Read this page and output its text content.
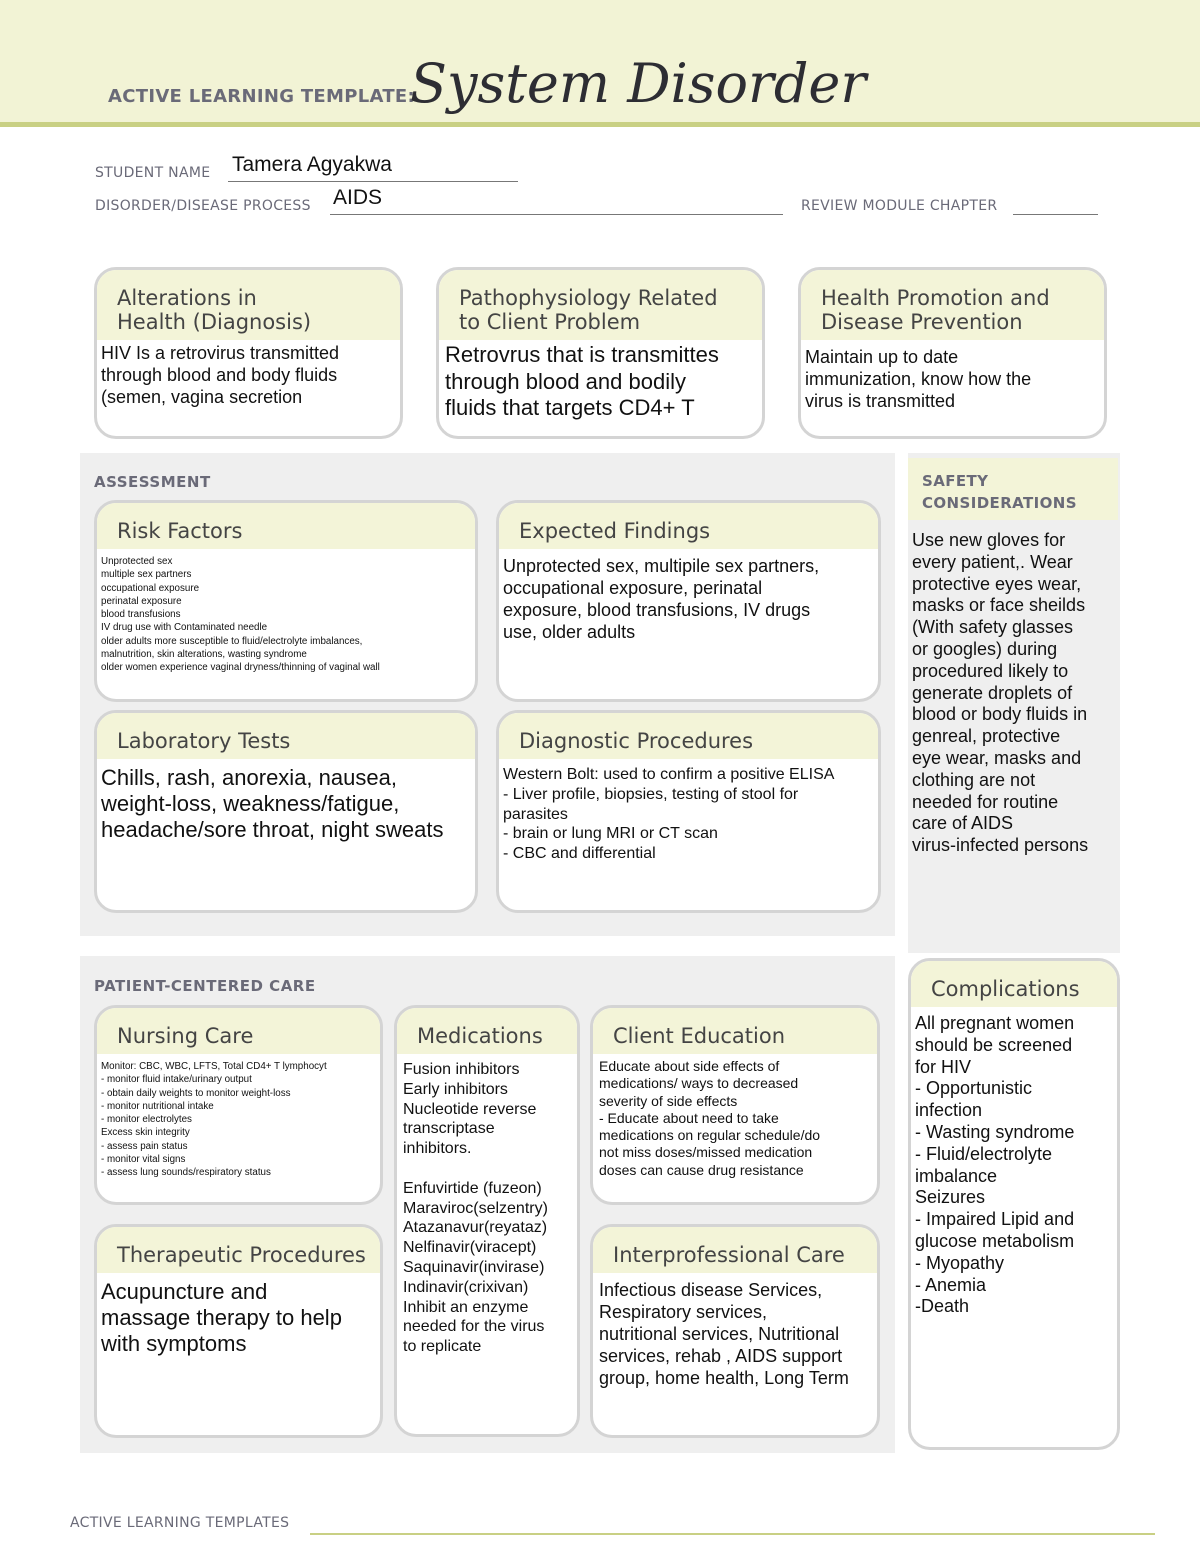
ACTIVE LEARNING TEMPLATE:
System Disorder
STUDENT NAME Tamera Agyakwa
DISORDER/DISEASE PROCESS AIDS	REVIEW MODULE CHAPTER
Alterations in
Health (Diagnosis)
HIV Is a retrovirus transmitted
through blood and body fluids
(semen, vagina secretion
Pathophysiology Related
to Client Problem
Retrovrus that is transmittes
through blood and bodily
fluids that targets CD4+ T
Health Promotion and
Disease Prevention
Maintain up to date
immunization, know how the
virus is transmitted
ASSESSMENT
Risk Factors
Unprotected sex
multiple sex partners
occupational exposure
perinatal exposure
blood transfusions
IV drug use with Contaminated needle
older adults more susceptible to fluid/electrolyte imbalances,
malnutrition, skin alterations, wasting syndrome
older women experience vaginal dryness/thinning of vaginal wall
Expected Findings
Unprotected sex, multipile sex partners,
occupational exposure, perinatal
exposure, blood transfusions, IV drugs
use, older adults
Laboratory Tests
Chills, rash, anorexia, nausea,
weight-loss, weakness/fatigue,
headache/sore throat, night sweats
Diagnostic Procedures
Western Bolt: used to confirm a positive ELISA
- Liver profile, biopsies, testing of stool for
parasites
- brain or lung MRI or CT scan
- CBC and differential
SAFETY
CONSIDERATIONS
Use new gloves for
every patient,. Wear
protective eyes wear,
masks or face sheilds
(With safety glasses
or googles) during
procedured likely to
generate droplets of
blood or body fluids in
genreal, protective
eye wear, masks and
clothing are not
needed for routine
care of AIDS
virus-infected persons
PATIENT-CENTERED CARE
Nursing Care
Monitor: CBC, WBC, LFTS, Total CD4+ T lymphocyt
- monitor fluid intake/urinary output
- obtain daily weights to monitor weight-loss
- monitor nutritional intake
- monitor electrolytes
Excess skin integrity
- assess pain status
- monitor vital signs
- assess lung sounds/respiratory status
Medications
Fusion inhibitors
Early inhibitors
Nucleotide reverse
transcriptase
inhibitors.

Enfuvirtide (fuzeon)
Maraviroc(selzentry)
Atazanavur(reyataz)
Nelfinavir(viracept)
Saquinavir(invirase)
Indinavir(crixivan)
Inhibit an enzyme
needed for the virus
to replicate
Client Education
Educate about side effects of
medications/ ways to decreased
severity of side effects
- Educate about need to take
medications on regular schedule/do
not miss doses/missed medication
doses can cause drug resistance
Therapeutic Procedures
Acupuncture and
massage therapy to help
with symptoms
Interprofessional Care
Infectious disease Services,
Respiratory services,
nutritional services, Nutritional
services, rehab , AIDS support
group, home health, Long Term
Complications
All pregnant women
should be screened
for HIV
- Opportunistic
infection
- Wasting syndrome
- Fluid/electrolyte
imbalance
Seizures
- Impaired Lipid and
glucose metabolism
- Myopathy
- Anemia
-Death
ACTIVE LEARNING TEMPLATES
